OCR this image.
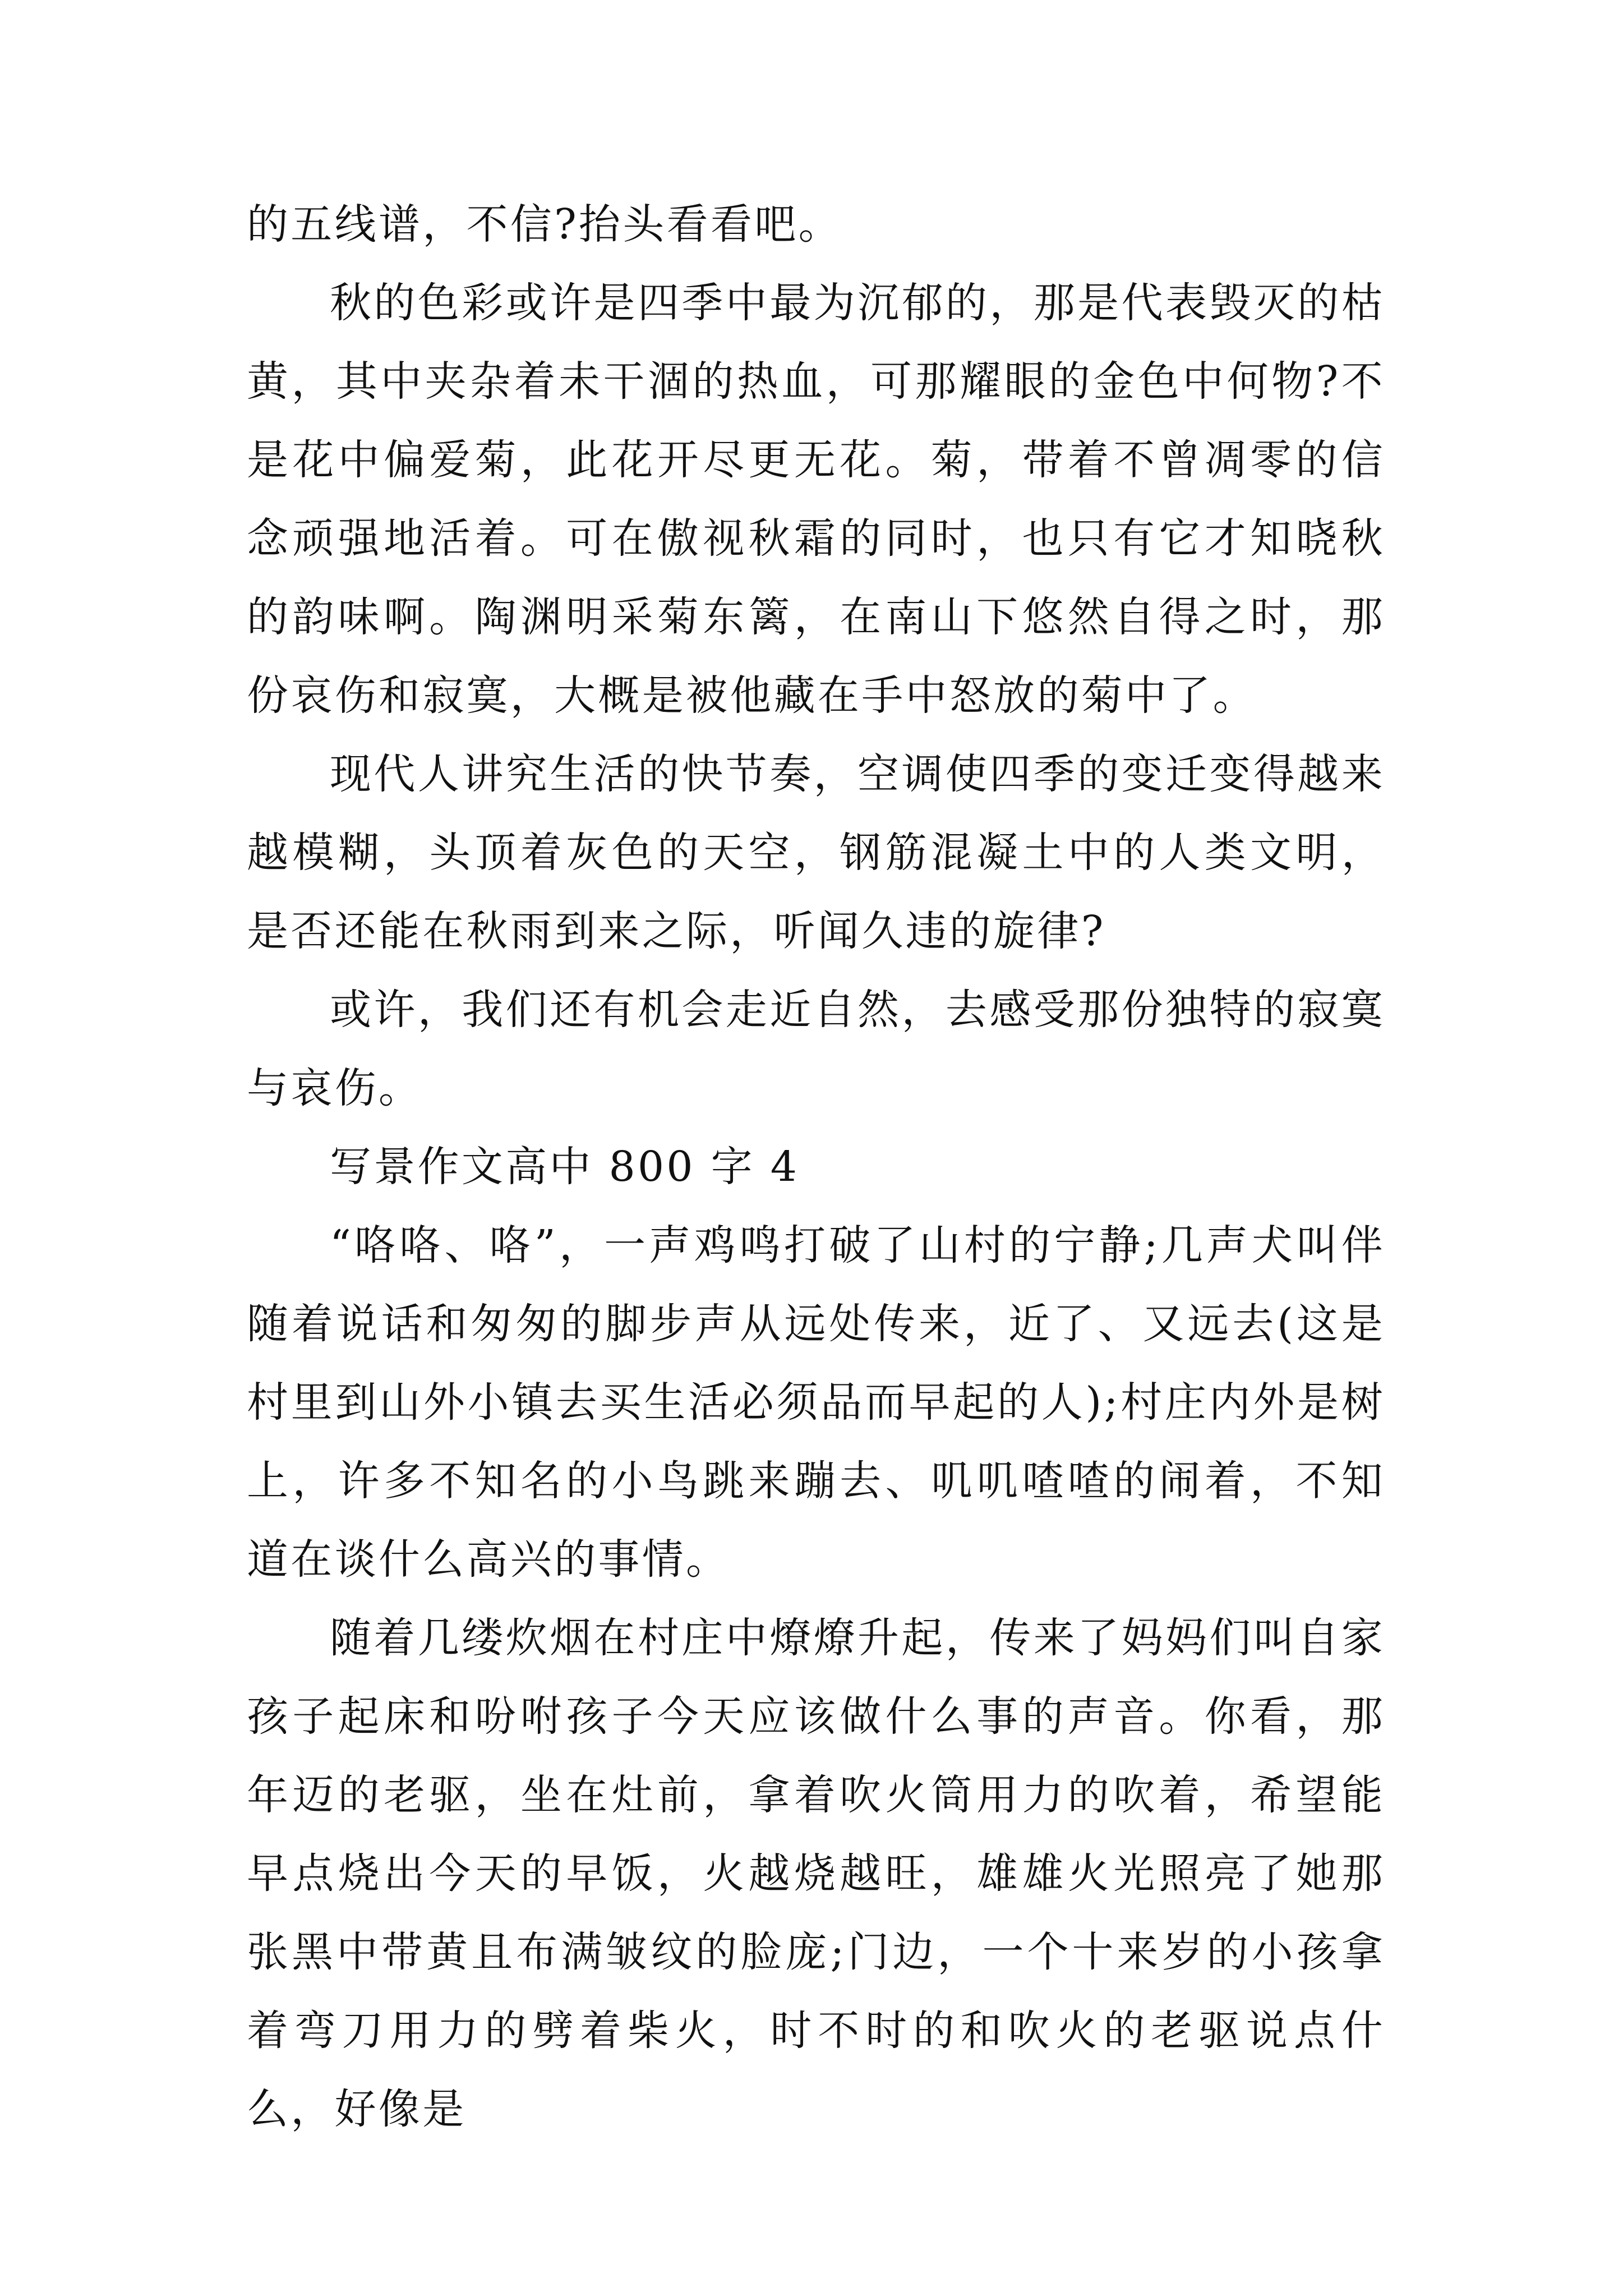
的五线谱，不信?抬头看看吧。

秋的色彩或许是四季中最为沉郁的，那是代表毁灭的枯黄，其中夹杂着未干涸的热血，可那耀眼的金色中何物?不是花中偏爱菊，此花开尽更无花。菊，带着不曾凋零的信念顽强地活着。可在傲视秋霜的同时，也只有它才知晓秋的韵味啊。陶渊明采菊东篱，在南山下悠然自得之时，那份哀伤和寂寞，大概是被他藏在手中怒放的菊中了。

现代人讲究生活的快节奏，空调使四季的变迁变得越来越模糊，头顶着灰色的天空，钢筋混凝土中的人类文明，是否还能在秋雨到来之际，听闻久违的旋律?

或许，我们还有机会走近自然，去感受那份独特的寂寞与哀伤。

写景作文高中 800 字 4

“咯咯、咯”，一声鸡鸣打破了山村的宁静;几声犬叫伴随着说话和匆匆的脚步声从远处传来，近了、又远去(这是村里到山外小镇去买生活必须品而早起的人);村庄内外是树上，许多不知名的小鸟跳来蹦去、叽叽喳喳的闹着，不知道在谈什么高兴的事情。

随着几缕炊烟在村庄中燎燎升起，传来了妈妈们叫自家孩子起床和吩咐孩子今天应该做什么事的声音。你看，那年迈的老驱，坐在灶前，拿着吹火筒用力的吹着，希望能早点烧出今天的早饭，火越烧越旺，雄雄火光照亮了她那张黑中带黄且布满皱纹的脸庞;门边，一个十来岁的小孩拿着弯刀用力的劈着柴火，时不时的和吹火的老驱说点什么，好像是
